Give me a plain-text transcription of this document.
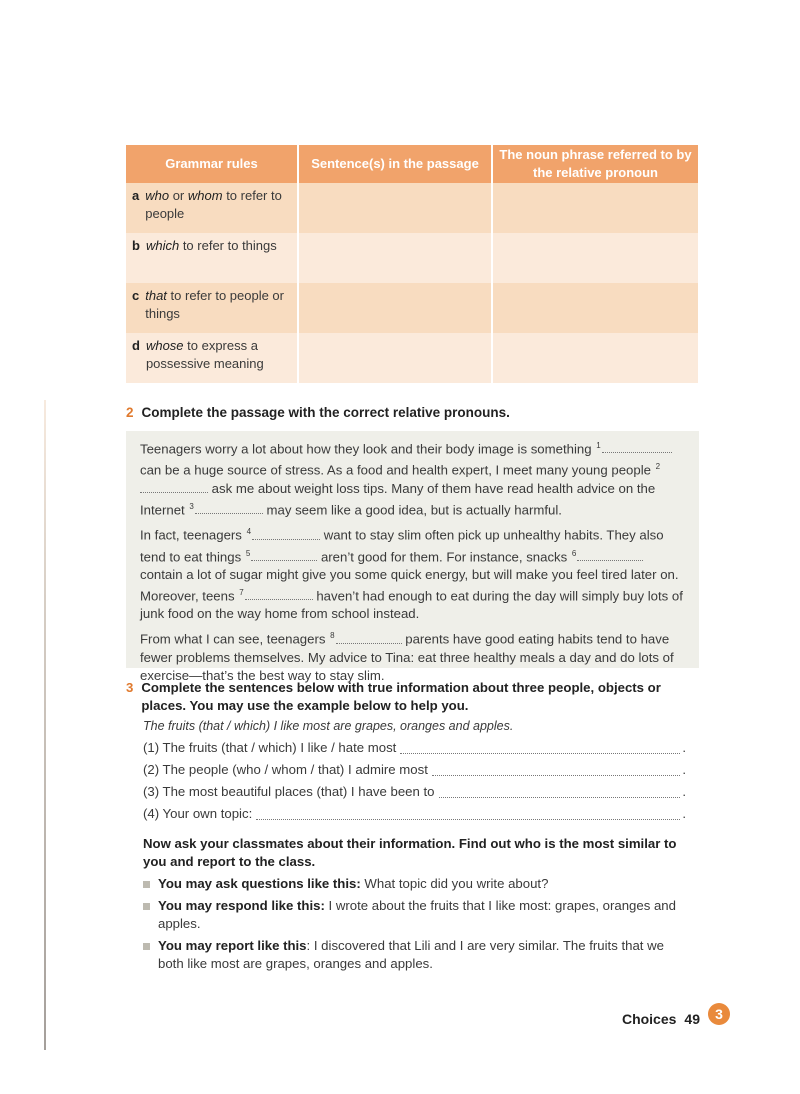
Grammar rules	Sentence(s) in the passage	The noun phrase referred to by the relative pronoun

a who or whom to refer to people		

b which to refer to things		

c that to refer to people or things		

d whose to express a possessive meaning		

2 Complete the passage with the correct relative pronouns.

Teenagers worry a lot about how they look and their body image is something $^1$ can be a huge source of stress. As a food and health expert, I meet many young people $^2$ ask me about weight loss tips. Many of them have read health advice on the Internet $^3$	may seem like a good idea, but is actually harmful.

In fact, teenagers $^4$	want to stay slim often pick up unhealthy habits. They also tend to eat things $^5$	aren’t good for them. For instance, snacks $^6$ contain a lot of sugar might give you some quick energy, but will make you feel tired later on. Moreover, teens $^7$	haven’t had enough to eat during the day will simply buy lots of junk food on the way home from school instead.

From what I can see, teenagers $^8$	parents have good eating habits tend to have fewer problems themselves. My advice to Tina: eat three healthy meals a day and do lots of exercise—that’s the best way to stay slim.

3 Complete the sentences below with true information about three people, objects or places. You may use the example below to help you.
The fruits (that / which) I like most are grapes, oranges and apples.
(1) The fruits (that / which) I like / hate most	.
(2) The people (who / whom / that) I admire most	.
(3) The most beautiful places (that) I have been to	.
(4) Your own topic:	.
Now ask your classmates about their information. Find out who is the most similar to you and report to the class.
You may ask questions like this: What topic did you write about?
You may respond like this: I wrote about the fruits that I like most: grapes, oranges and apples.
You may report like this: I discovered that Lili and I are very similar. The fruits that we both like most are grapes, oranges and apples.
Choices 49	3
